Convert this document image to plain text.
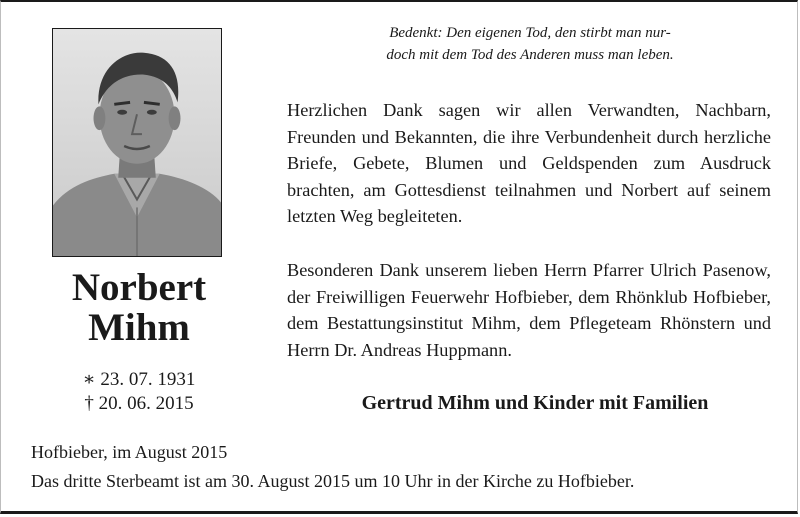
Norbert
Mihm
∗ 23. 07. 1931
† 20. 06. 2015
Bedenkt: Den eigenen Tod, den stirbt man nur-
doch mit dem Tod des Anderen muss man leben.
Herzlichen Dank sagen wir allen Verwandten, Nachbarn, Freunden und Bekannten, die ihre Verbundenheit durch herzliche Briefe, Gebete, Blumen und Geldspenden zum Ausdruck brachten, am Gottesdienst teilnahmen und Norbert auf seinem letzten Weg begleiteten.
Besonderen Dank unserem lieben Herrn Pfarrer Ulrich Pasenow, der Freiwilligen Feuerwehr Hofbieber, dem Rhönklub Hofbieber, dem Bestattungsinstitut Mihm, dem Pflegeteam Rhönstern und Herrn Dr. Andreas Huppmann.
Gertrud Mihm und Kinder mit Familien
Hofbieber, im August 2015
Das dritte Sterbeamt ist am 30. August 2015 um 10 Uhr in der Kirche zu Hofbieber.
